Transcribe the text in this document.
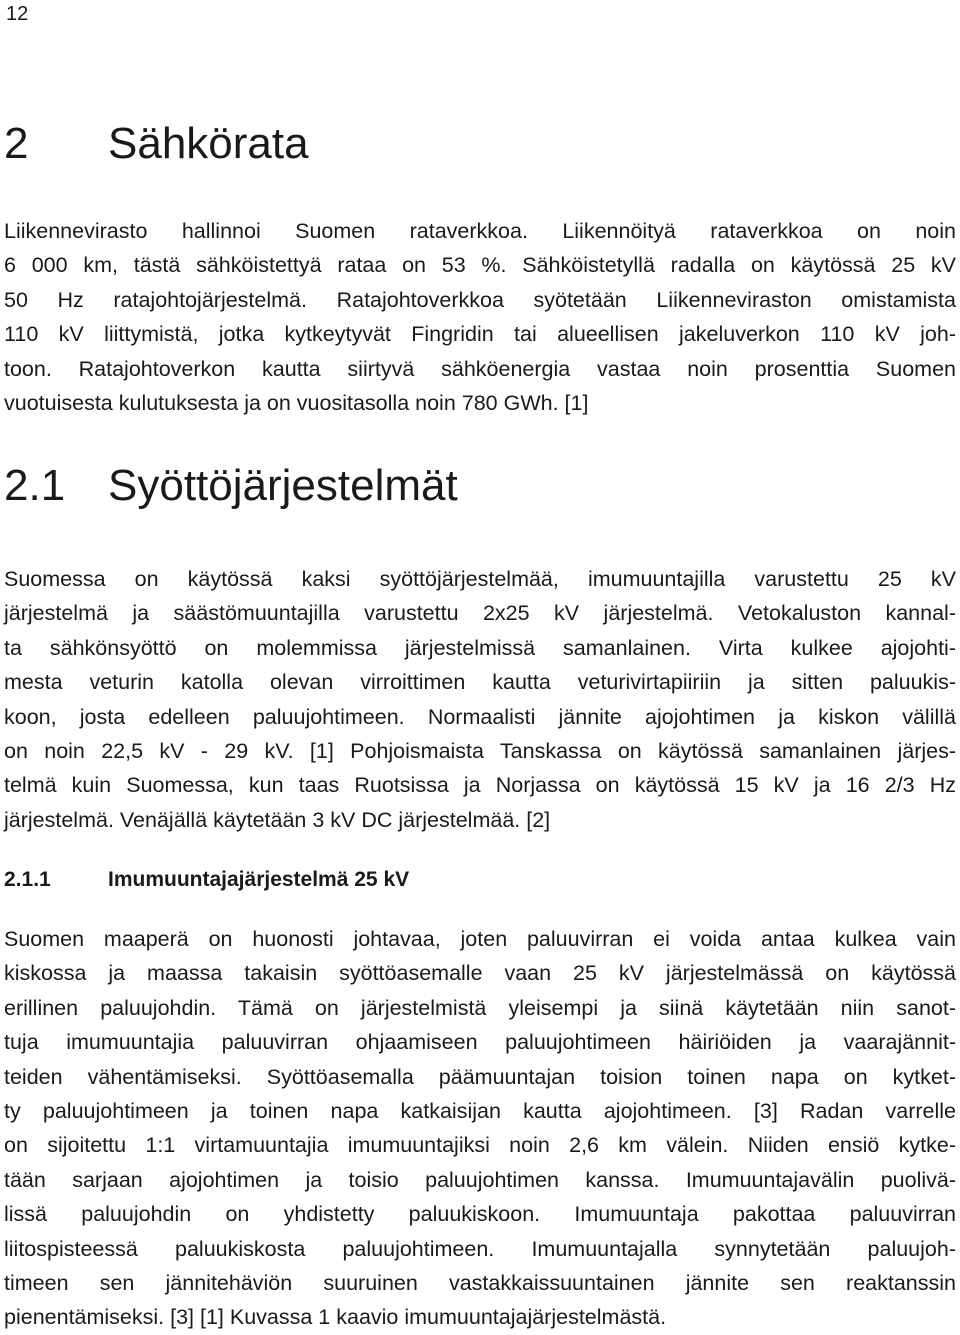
12
2 Sähkörata
Liikennevirasto hallinnoi Suomen rataverkkoa. Liikennöityä rataverkkoa on noin
6 000 km, tästä sähköistettyä rataa on 53 %. Sähköistetyllä radalla on käytössä 25 kV
50 Hz ratajohtojärjestelmä. Ratajohtoverkkoa syötetään Liikenneviraston omistamista
110 kV liittymistä, jotka kytkeytyvät Fingridin tai alueellisen jakeluverkon 110 kV joh-
toon. Ratajohtoverkon kautta siirtyvä sähköenergia vastaa noin prosenttia Suomen
vuotuisesta kulutuksesta ja on vuositasolla noin 780 GWh. [1]
2.1 Syöttöjärjestelmät
Suomessa on käytössä kaksi syöttöjärjestelmää, imumuuntajilla varustettu 25 kV
järjestelmä ja säästömuuntajilla varustettu 2x25 kV järjestelmä. Vetokaluston kannal-
ta sähkönsyöttö on molemmissa järjestelmissä samanlainen. Virta kulkee ajojohti-
mesta veturin katolla olevan virroittimen kautta veturivirtapiiriin ja sitten paluukis-
koon, josta edelleen paluujohtimeen. Normaalisti jännite ajojohtimen ja kiskon välillä
on noin 22,5 kV - 29 kV. [1] Pohjoismaista Tanskassa on käytössä samanlainen järjes-
telmä kuin Suomessa, kun taas Ruotsissa ja Norjassa on käytössä 15 kV ja 16 2/3 Hz
järjestelmä. Venäjällä käytetään 3 kV DC järjestelmää. [2]
2.1.1	Imumuuntajajärjestelmä 25 kV
Suomen maaperä on huonosti johtavaa, joten paluuvirran ei voida antaa kulkea vain
kiskossa ja maassa takaisin syöttöasemalle vaan 25 kV järjestelmässä on käytössä
erillinen paluujohdin. Tämä on järjestelmistä yleisempi ja siinä käytetään niin sanot-
tuja imumuuntajia paluuvirran ohjaamiseen paluujohtimeen häiriöiden ja vaarajännit-
teiden vähentämiseksi. Syöttöasemalla päämuuntajan toision toinen napa on kytket-
ty paluujohtimeen ja toinen napa katkaisijan kautta ajojohtimeen. [3] Radan varrelle
on sijoitettu 1:1 virtamuuntajia imumuuntajiksi noin 2,6 km välein. Niiden ensiö kytke-
tään sarjaan ajojohtimen ja toisio paluujohtimen kanssa. Imumuuntajavälin puolivä-
lissä paluujohdin on yhdistetty paluukiskoon. Imumuuntaja pakottaa paluuvirran
liitospisteessä paluukiskosta paluujohtimeen. Imumuuntajalla synnytetään paluujoh-
timeen sen jännitehäviön suuruinen vastakkaissuuntainen jännite sen reaktanssin
pienentämiseksi. [3] [1] Kuvassa 1 kaavio imumuuntajajärjestelmästä.
